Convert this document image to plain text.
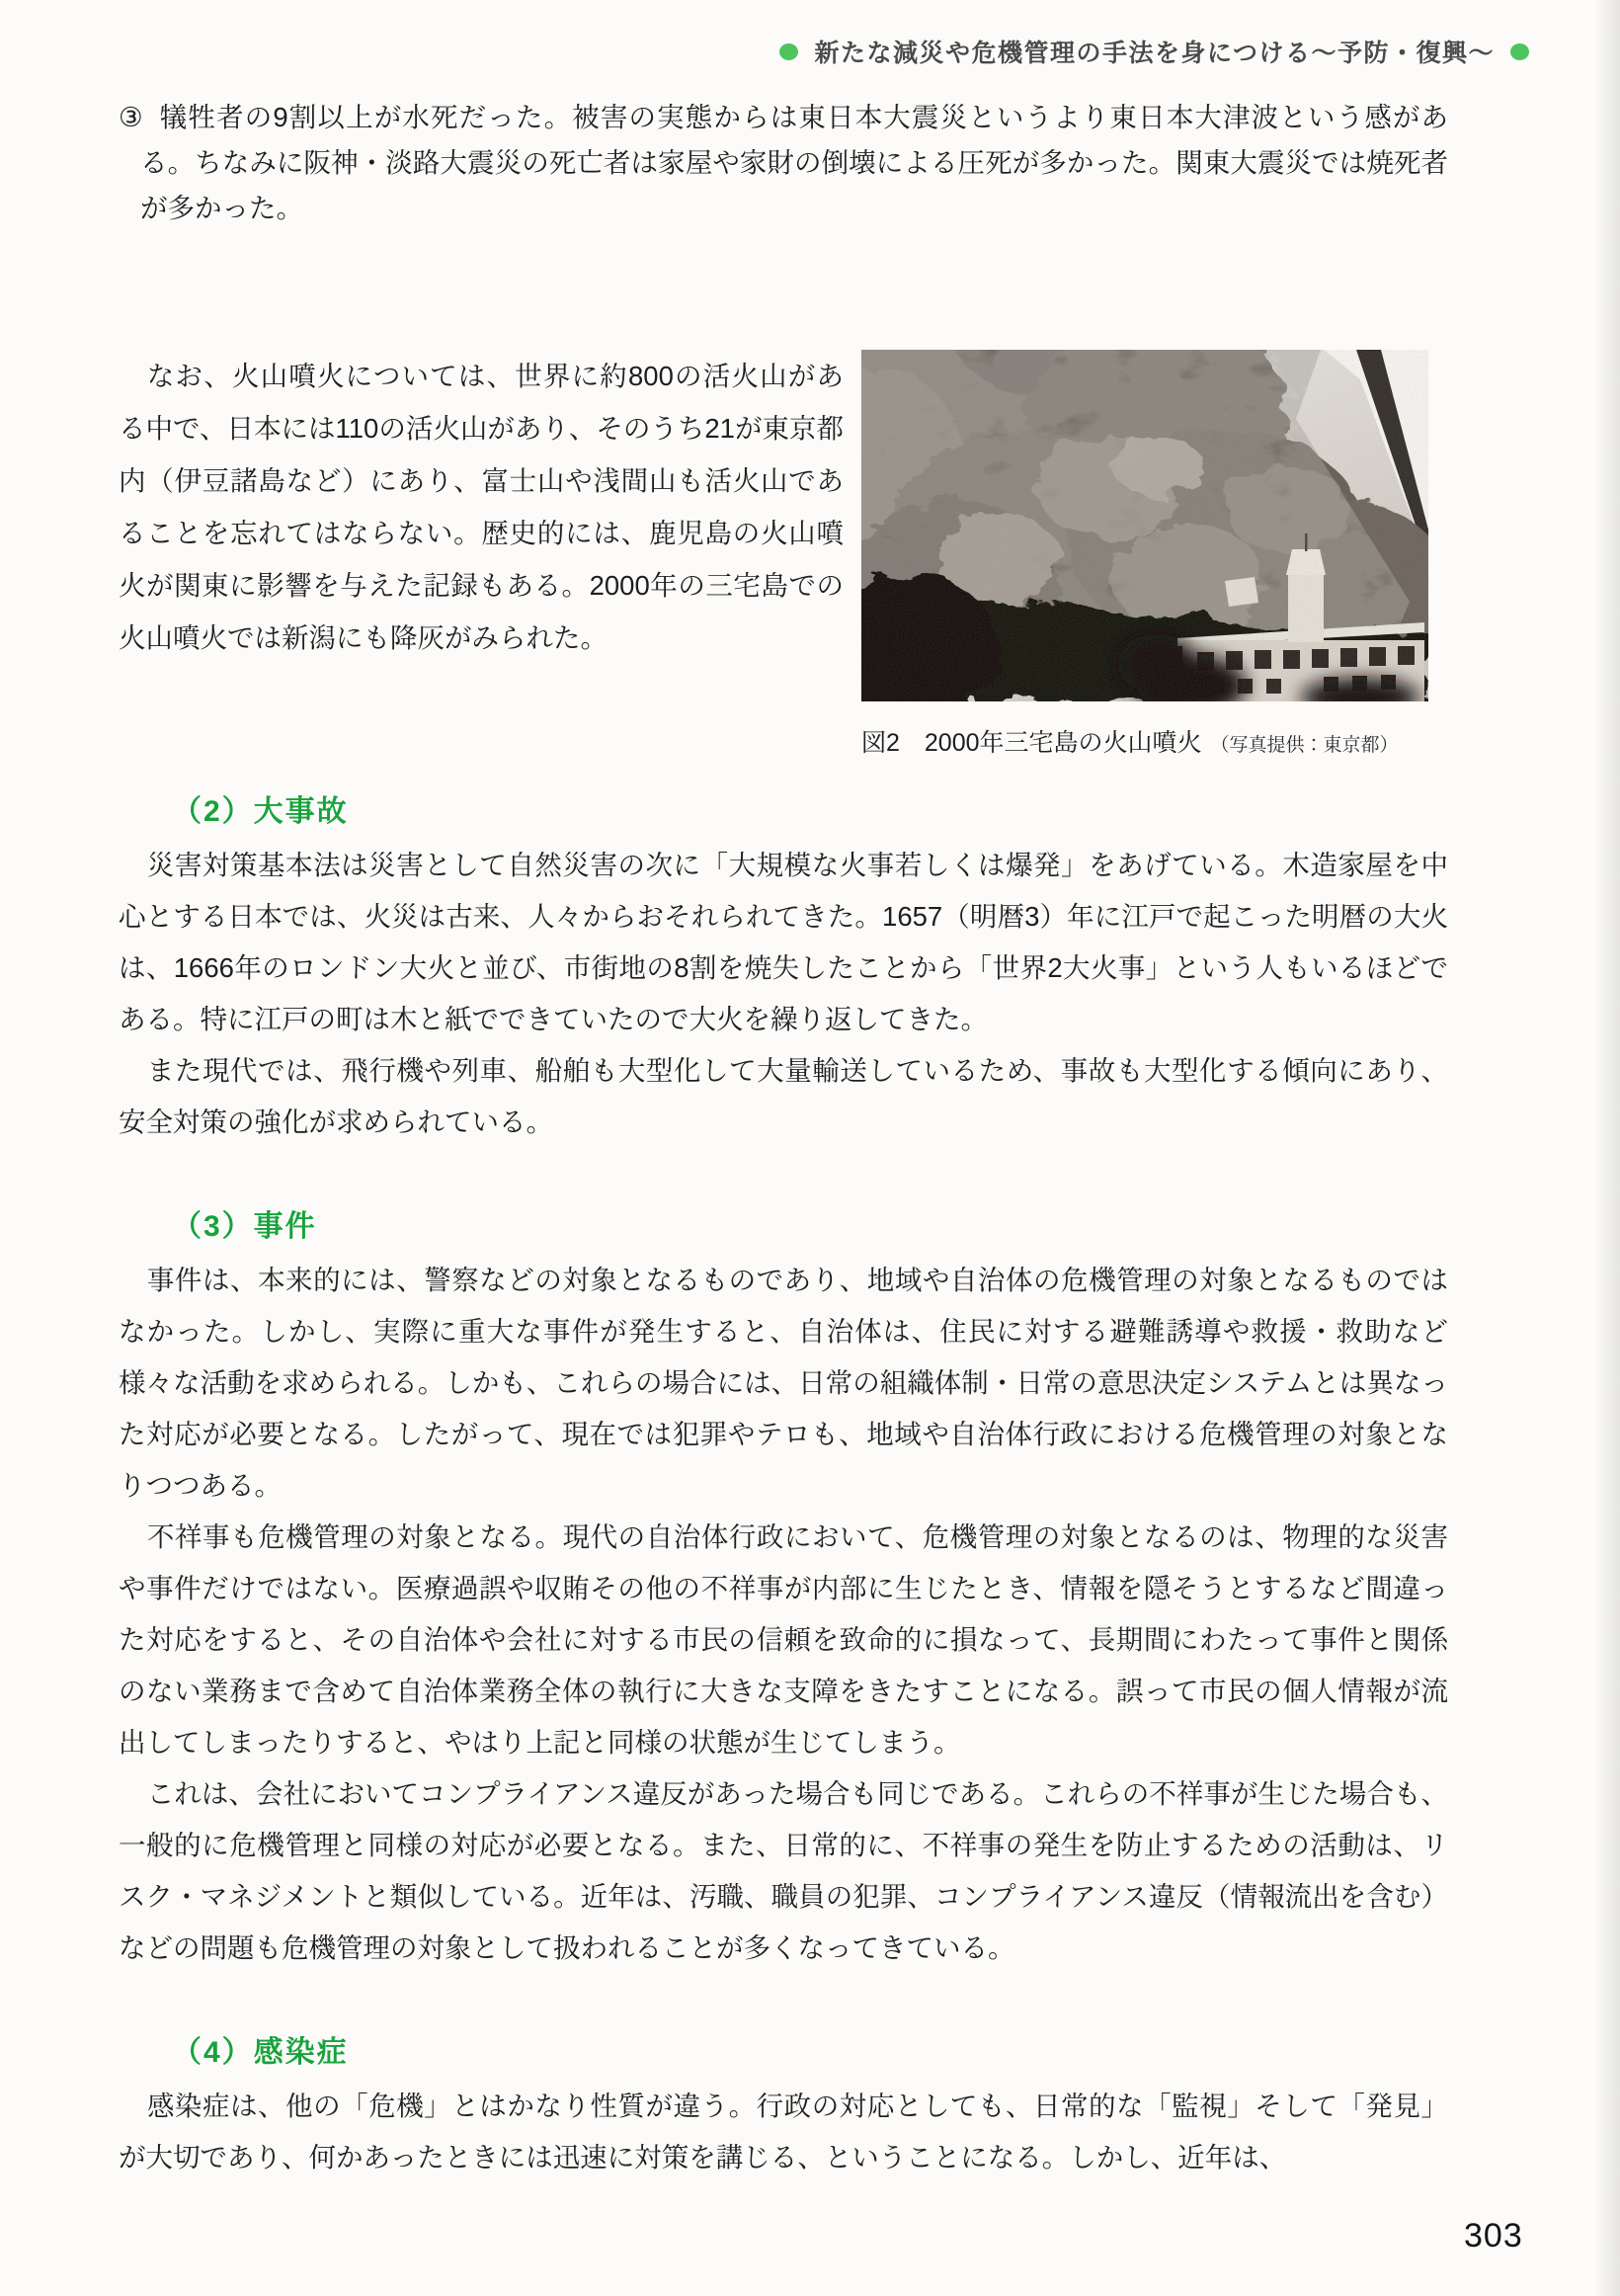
新たな減災や危機管理の手法を身につける～予防・復興～

③ 犠牲者の9割以上が水死だった。被害の実態からは東日本大震災というより東日本大津波という感がある。ちなみに阪神・淡路大震災の死亡者は家屋や家財の倒壊による圧死が多かった。関東大震災では焼死者が多かった。

なお、火山噴火については、世界に約800の活火山がある中で、日本には110の活火山があり、そのうち21が東京都内（伊豆諸島など）にあり、富士山や浅間山も活火山であることを忘れてはならない。歴史的には、鹿児島の火山噴火が関東に影響を与えた記録もある。2000年の三宅島での火山噴火では新潟にも降灰がみられた。

図2　2000年三宅島の火山噴火 （写真提供：東京都）
（2）大事故

災害対策基本法は災害として自然災害の次に「大規模な火事若しくは爆発」をあげている。木造家屋を中心とする日本では、火災は古来、人々からおそれられてきた。1657（明暦3）年に江戸で起こった明暦の大火は、1666年のロンドン大火と並び、市街地の8割を焼失したことから「世界2大火事」という人もいるほどである。特に江戸の町は木と紙でできていたので大火を繰り返してきた。

また現代では、飛行機や列車、船舶も大型化して大量輸送しているため、事故も大型化する傾向にあり、安全対策の強化が求められている。

（3）事件

事件は、本来的には、警察などの対象となるものであり、地域や自治体の危機管理の対象となるものではなかった。しかし、実際に重大な事件が発生すると、自治体は、住民に対する避難誘導や救援・救助など様々な活動を求められる。しかも、これらの場合には、日常の組織体制・日常の意思決定システムとは異なった対応が必要となる。したがって、現在では犯罪やテロも、地域や自治体行政における危機管理の対象となりつつある。

不祥事も危機管理の対象となる。現代の自治体行政において、危機管理の対象となるのは、物理的な災害や事件だけではない。医療過誤や収賄その他の不祥事が内部に生じたとき、情報を隠そうとするなど間違った対応をすると、その自治体や会社に対する市民の信頼を致命的に損なって、長期間にわたって事件と関係のない業務まで含めて自治体業務全体の執行に大きな支障をきたすことになる。誤って市民の個人情報が流出してしまったりすると、やはり上記と同様の状態が生じてしまう。

これは、会社においてコンプライアンス違反があった場合も同じである。これらの不祥事が生じた場合も、一般的に危機管理と同様の対応が必要となる。また、日常的に、不祥事の発生を防止するための活動は、リスク・マネジメントと類似している。近年は、汚職、職員の犯罪、コンプライアンス違反（情報流出を含む）などの問題も危機管理の対象として扱われることが多くなってきている。

（4）感染症

感染症は、他の「危機」とはかなり性質が違う。行政の対応としても、日常的な「監視」そして「発見」が大切であり、何かあったときには迅速に対策を講じる、ということになる。しかし、近年は、

303
